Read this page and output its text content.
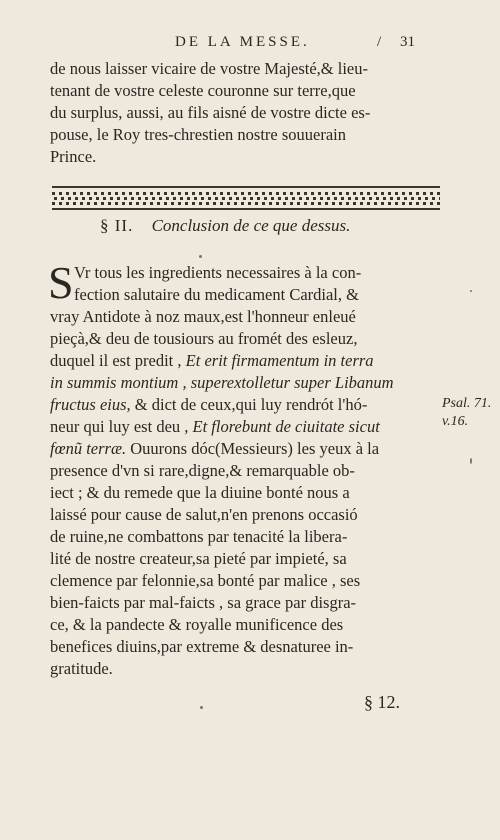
DE LA MESSE.	/ 31
de nous laisser vicaire de vostre Majesté,& lieu-
tenant de vostre celeste couronne sur terre,que
du surplus, aussi, au fils aisné de vostre dicte es-
pouse, le Roy tres-chrestien nostre souuerain
Prince.
§ II. Conclusion de ce que dessus.
S Vr tous les ingredients necessaires à la con-
fection salutaire du medicament Cardial, &
vray Antidote à noz maux,est l'honneur enleué
pieçà,& deu de tousiours au fromét des esleuz,
duquel il est predit , Et erit firmamentum in terra
in summis montium , superextolletur super Libanum
fructus eius, & dict de ceux,qui luy rendrót l'hó-
neur qui luy est deu , Et florebunt de ciuitate sicut
fœnũ terræ. Ouurons dóc(Messieurs) les yeux à la
presence d'vn si rare,digne,& remarquable ob-
iect ; & du remede que la diuine bonté nous a
laissé pour cause de salut,n'en prenons occasió
de ruine,ne combattons par tenacité la libera-
lité de nostre createur,sa pieté par impieté, sa
clemence par felonnie,sa bonté par malice , ses
bien-faicts par mal-faicts , sa grace par disgra-
ce, & la pandecte & royalle munificence des
benefices diuins,par extreme & desnaturee in-
gratitude.
Psal. 71.
v.16.
§ 12.
